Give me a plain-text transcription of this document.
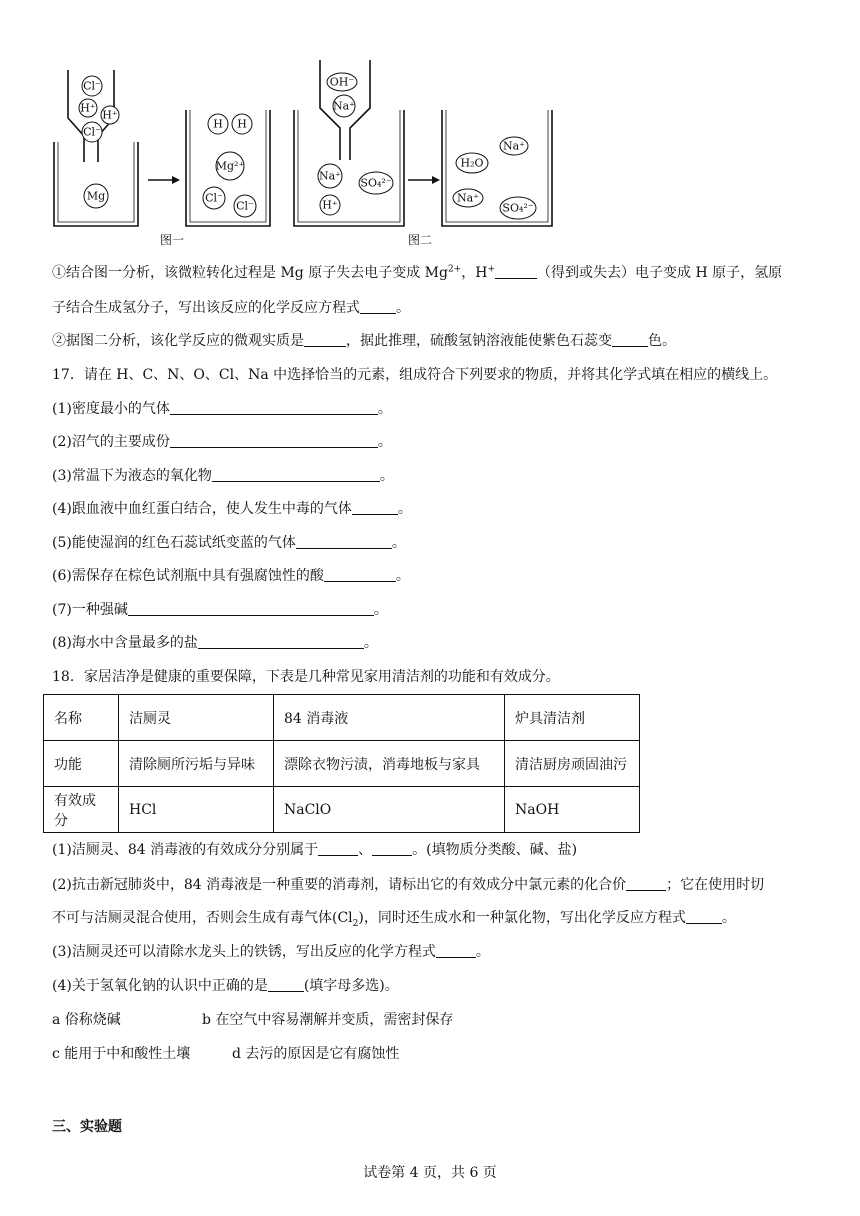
Cl⁻
H⁺
H⁺
Cl⁻
Mg
H H
Mg²⁺
Cl⁻
Cl⁻
OH⁻
Na⁺
Na⁺
SO₄²⁻
H⁺
H₂O
Na⁺
Na⁺
SO₄²⁻
图一	图二
①结合图一分析，该微粒转化过程是 Mg 原子失去电子变成 $Mg^{2+}$，H+	（得到或失去）电子变成 H 原子，氢原
子结合生成氢分子，写出该反应的化学反应方程式	。
②据图二分析，该化学反应的微观实质是	，据此推理，硫酸氢钠溶液能使紫色石蕊变	色。
17．请在 H、C、N、O、Cl、Na 中选择恰当的元素，组成符合下列要求的物质，并将其化学式填在相应的横线上。
(1)密度最小的气体	。
(2)沼气的主要成份	。
(3)常温下为液态的氧化物	。
(4)跟血液中血红蛋白结合，使人发生中毒的气体	。
(5)能使湿润的红色石蕊试纸变蓝的气体	。
(6)需保存在棕色试剂瓶中具有强腐蚀性的酸	。
(7)一种强碱	。
(8)海水中含量最多的盐	。
18．家居洁净是健康的重要保障，下表是几种常见家用清洁剂的功能和有效成分。
名称	洁厕灵	84 消毒液	炉具清洁剂
功能	清除厕所污垢与异味	漂除衣物污渍，消毒地板与家具	清洁厨房顽固油污
有效成分	HCl	NaClO	NaOH
(1)洁厕灵、84 消毒液的有效成分分别属于	、	。(填物质分类酸、碱、盐)
(2)抗击新冠肺炎中，84 消毒液是一种重要的消毒剂，请标出它的有效成分中氯元素的化合价	；它在使用时切
不可与洁厕灵混合使用，否则会生成有毒气体$(Cl_2)$，同时还生成水和一种氯化物，写出化学反应方程式	。
(3)洁厕灵还可以清除水龙头上的铁锈，写出反应的化学方程式	。
(4)关于氢氧化钠的认识中正确的是	(填字母多选)。
a 俗称烧碱	b 在空气中容易潮解并变质，需密封保存
c 能用于中和酸性土壤	d 去污的原因是它有腐蚀性
三、实验题
试卷第 4 页，共 6 页
